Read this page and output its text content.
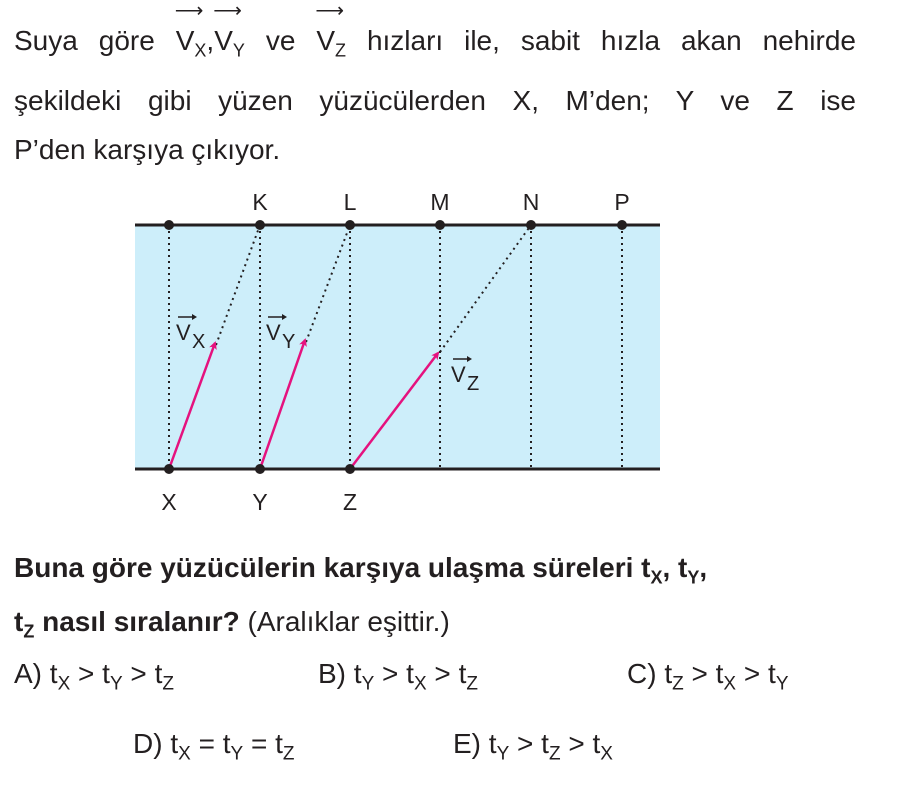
Suya göre
⟶
$V_X$,
⟶
$V_Y$ ve
⟶
$V_Z$ hızları ile, sabit hızla akan nehirde
şekildeki gibi yüzen yüzücülerden X, M’den; Y ve Z ise
P’den karşıya çıkıyor.
K	L	M	N	P
X	Y	Z
V X	V Y
V Z
Buna göre yüzücülerin karşıya ulaşma süreleri $t_X$, $t_Y$,
$t_Z$ nasıl sıralanır? (Aralıklar eşittir.)
A) $t_X > t_Y > t_Z$	B) $t_Y > t_X > t_Z$	C) $t_Z > t_X > t_Y$
D) $t_X = t_Y = t_Z$	E) $t_Y > t_Z > t_X$
